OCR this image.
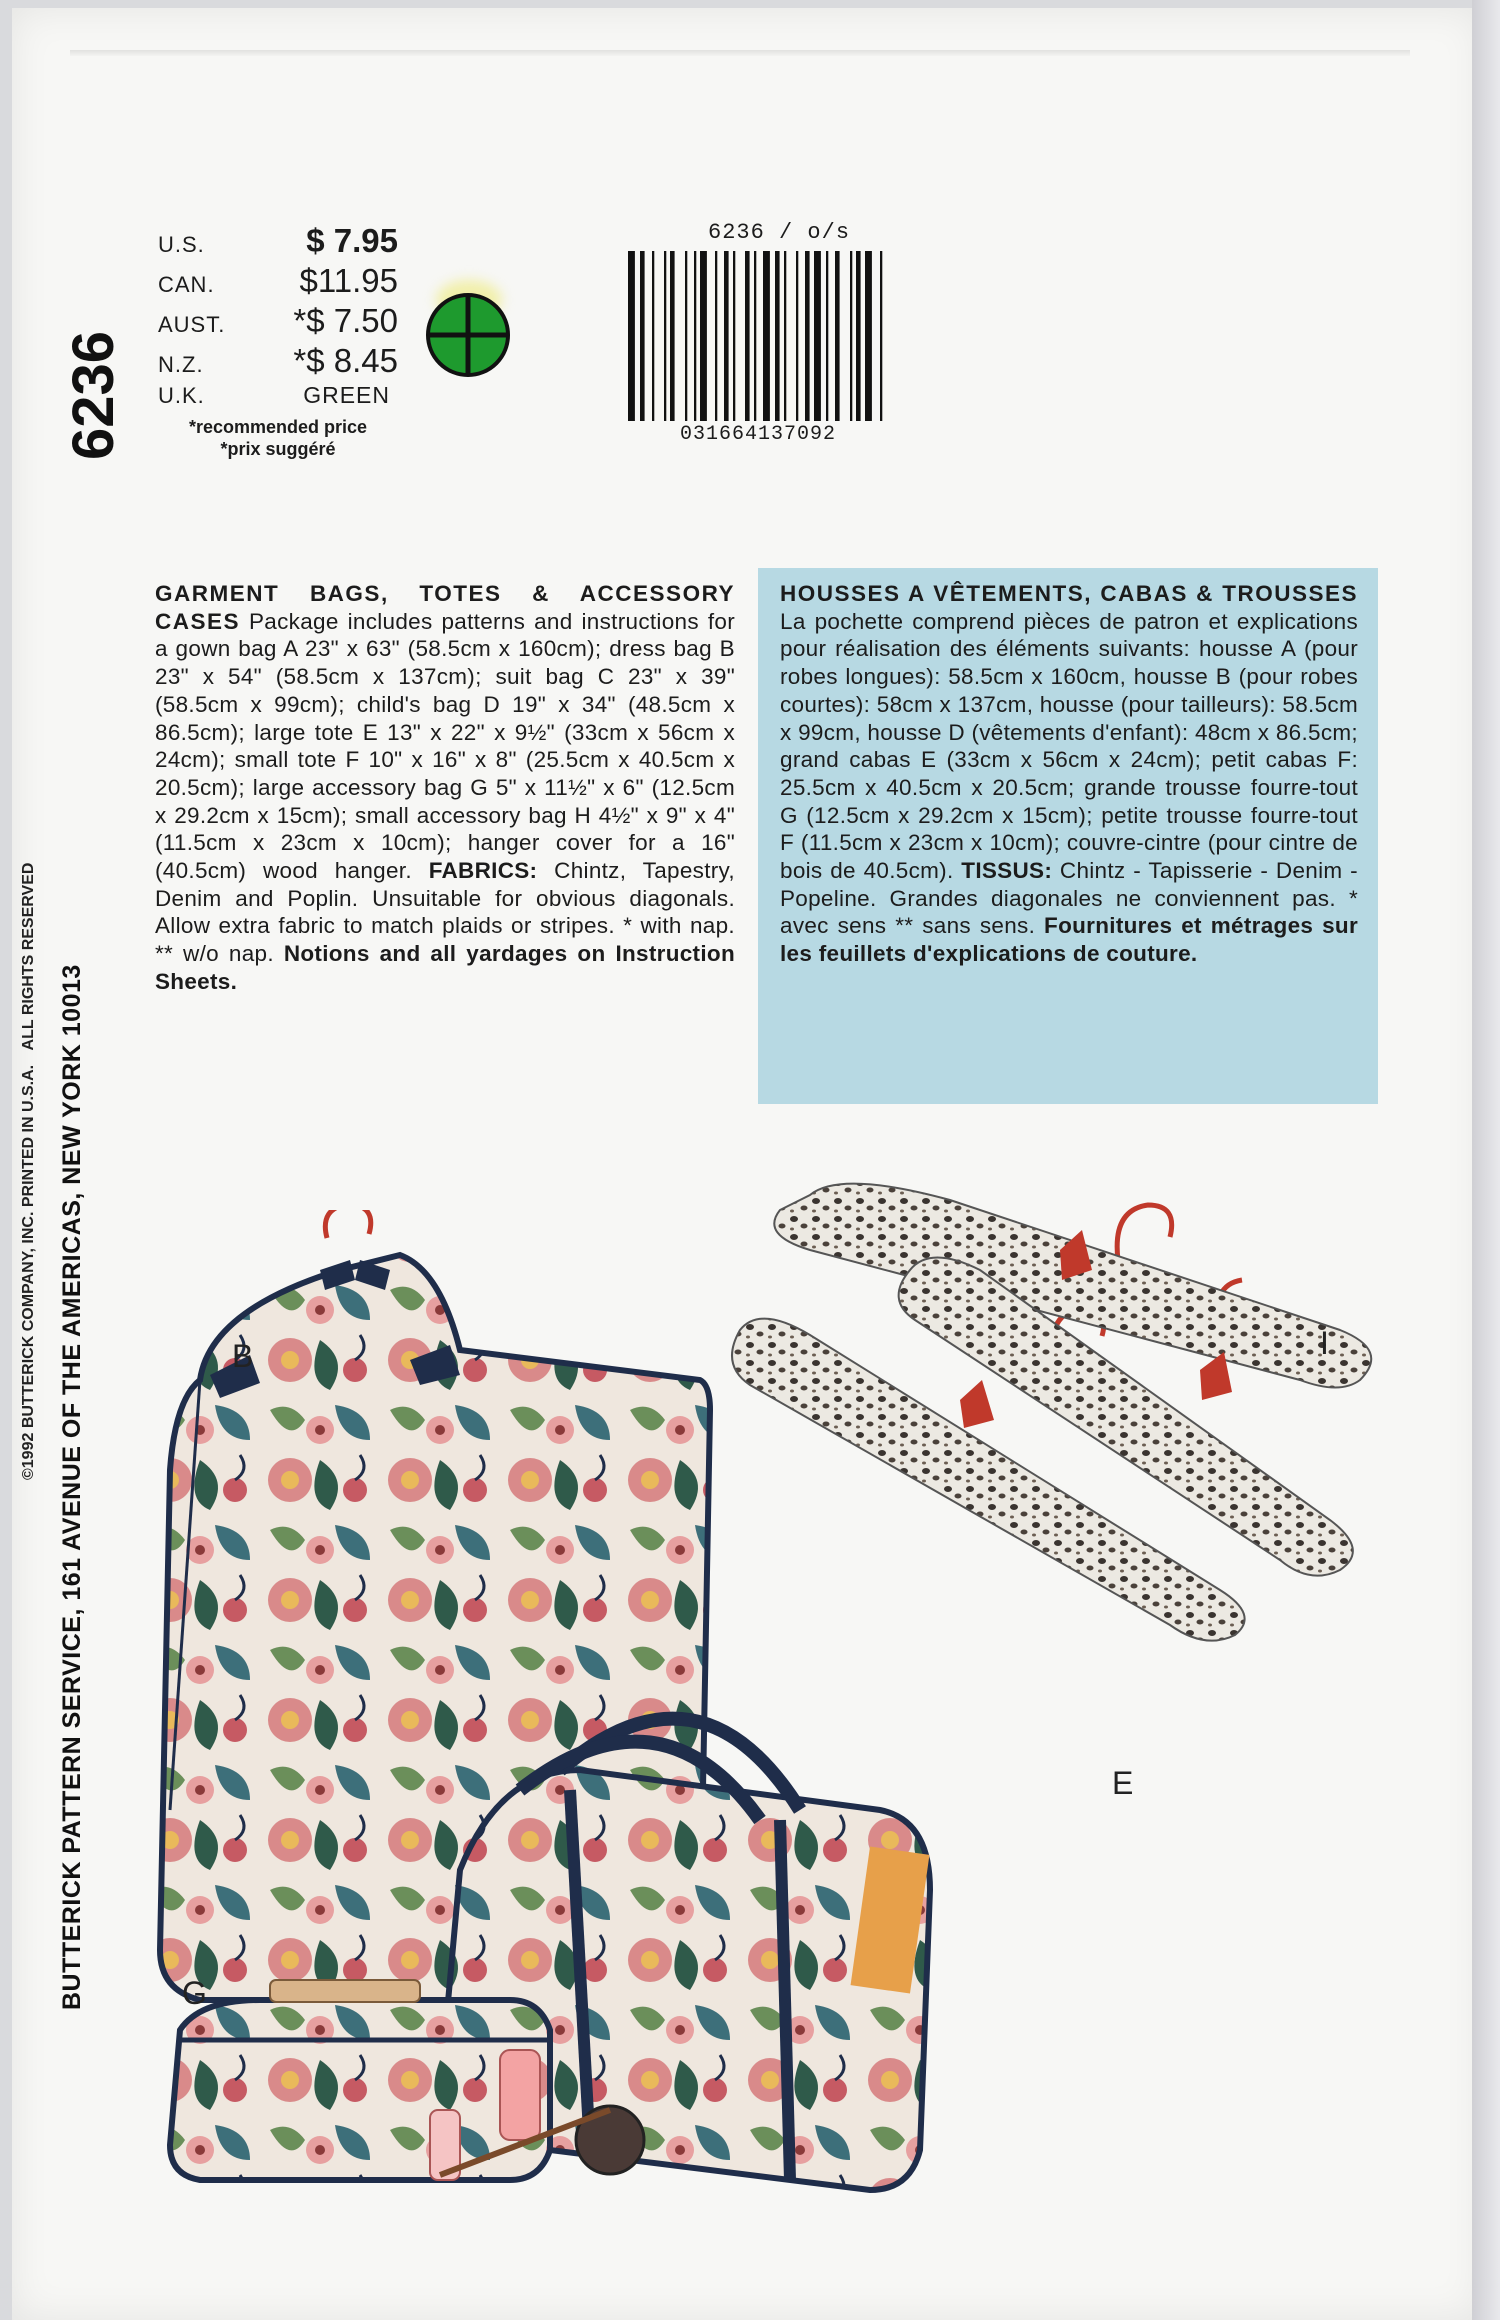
6236
BUTTERICK PATTERN SERVICE, 161 AVENUE OF THE AMERICAS, NEW YORK 10013
©1992 BUTTERICK COMPANY, INC. PRINTED IN U.S.A. ALL RIGHTS RESERVED
U.S.	$ 7.95
CAN.	$11.95
AUST. *$ 7.50
N.Z.	*$ 8.45
U.K.	GREEN
*recommended price
*prix suggéré
6236 / o/s
031664137092
GARMENT BAGS, TOTES & ACCESSORY CASES Package includes patterns and instructions for a gown bag A 23" x 63" (58.5cm x 160cm); dress bag B 23" x 54" (58.5cm x 137cm); suit bag C 23" x 39" (58.5cm x 99cm); child's bag D 19" x 34" (48.5cm x 86.5cm); large tote E 13" x 22" x 9½" (33cm x 56cm x 24cm); small tote F 10" x 16" x 8" (25.5cm x 40.5cm x 20.5cm); large accessory bag G 5" x 11½" x 6" (12.5cm x 29.2cm x 15cm); small accessory bag H 4½" x 9" x 4" (11.5cm x 23cm x 10cm); hanger cover for a 16" (40.5cm) wood hanger. FABRICS: Chintz, Tapestry, Denim and Poplin. Unsuitable for obvious diagonals. Allow extra fabric to match plaids or stripes. * with nap. ** w/o nap. Notions and all yardages on Instruction Sheets.
HOUSSES A VÊTEMENTS, CABAS & TROUSSES La pochette comprend pièces de patron et explications pour réalisation des éléments suivants: housse A (pour robes longues): 58.5cm x 160cm, housse B (pour robes courtes): 58cm x 137cm, housse (pour tailleurs): 58.5cm x 99cm, housse D (vêtements d'enfant): 48cm x 86.5cm; grand cabas E (33cm x 56cm x 24cm); petit cabas F: 25.5cm x 40.5cm x 20.5cm; grande trousse fourre-tout G (12.5cm x 29.2cm x 15cm); petite trousse fourre-tout F (11.5cm x 23cm x 10cm); couvre-cintre (pour cintre de bois de 40.5cm). TISSUS: Chintz - Tapisserie - Denim - Popeline. Grandes diagonales ne conviennent pas. * avec sens ** sans sens. Fournitures et métrages sur les feuillets d'explications de couture.
I
B
E
G
